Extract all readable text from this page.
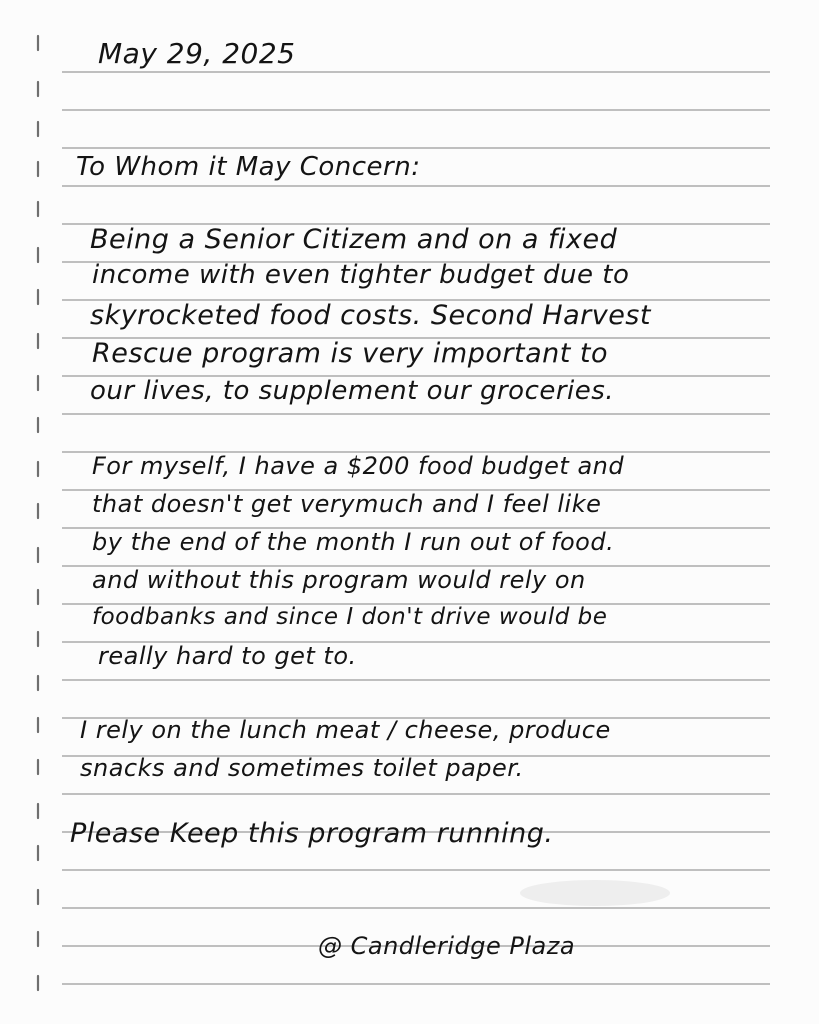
May 29, 2025

To Whom it May Concern:

Being a Senior Citizem and on a fixed

income with even tighter budget due to

skyrocketed food costs. Second Harvest

Rescue program is very important to

our lives, to supplement our groceries.

For myself, I have a $200 food budget and

that doesn't get verymuch and I feel like

by the end of the month I run out of food.

and without this program would rely on

foodbanks and since I don't drive would be

really hard to get to.

I rely on the lunch meat / cheese, produce

snacks and sometimes toilet paper.

Please Keep this program running.

@ Candleridge Plaza
